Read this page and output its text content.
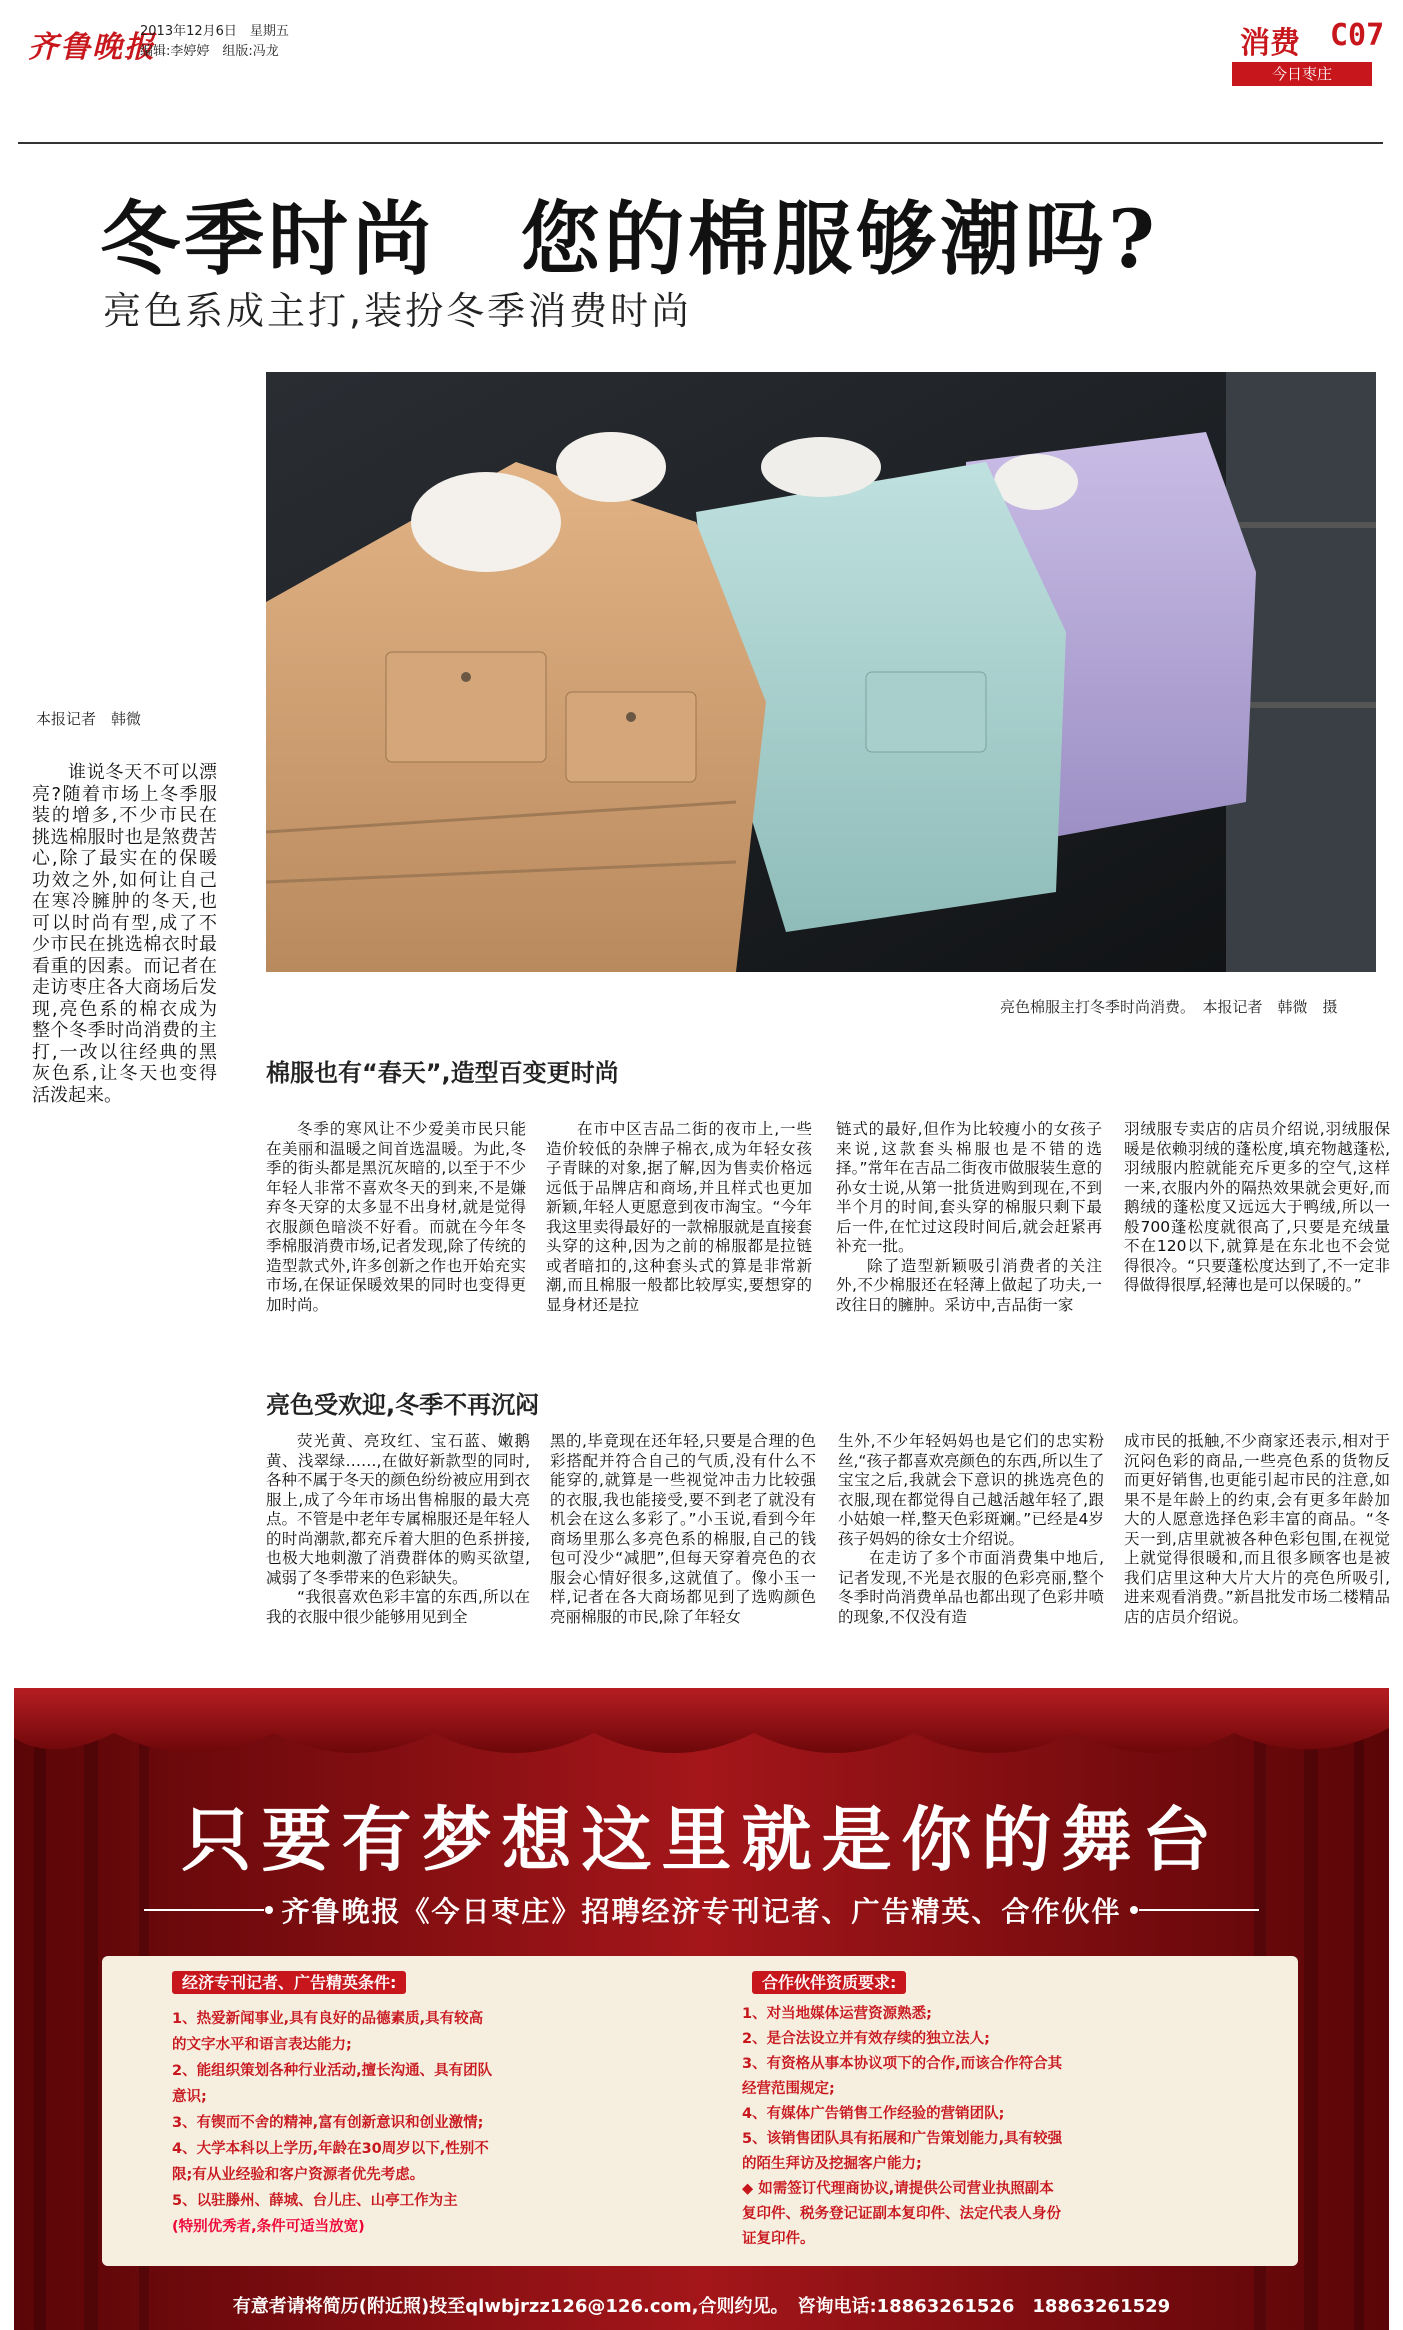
齐鲁晚报
2013年12月6日　星期五
编辑:李婷婷　组版:冯龙	消费 C07
今日枣庄
冬季时尚　您的棉服够潮吗?
亮色系成主打,装扮冬季消费时尚
亮色棉服主打冬季时尚消费。　本报记者　韩微　摄
本报记者　韩微
谁说冬天不可以漂亮?随着市场上冬季服装的增多,不少市民在挑选棉服时也是煞费苦心,除了最实在的保暖功效之外,如何让自己在寒冷臃肿的冬天,也可以时尚有型,成了不少市民在挑选棉衣时最看重的因素。而记者在走访枣庄各大商场后发现,亮色系的棉衣成为整个冬季时尚消费的主打,一改以往经典的黑灰色系,让冬天也变得活泼起来。
棉服也有“春天”,造型百变更时尚

冬季的寒风让不少爱美市民只能在美丽和温暖之间首选温暖。为此,冬季的街头都是黑沉灰暗的,以至于不少年轻人非常不喜欢冬天的到来,不是嫌弃冬天穿的太多显不出身材,就是觉得衣服颜色暗淡不好看。而就在今年冬季棉服消费市场,记者发现,除了传统的造型款式外,许多创新之作也开始充实市场,在保证保暖效果的同时也变得更加时尚。

在市中区吉品二街的夜市上,一些造价较低的杂牌子棉衣,成为年轻女孩子青睐的对象,据了解,因为售卖价格远远低于品牌店和商场,并且样式也更加新颖,年轻人更愿意到夜市淘宝。“今年我这里卖得最好的一款棉服就是直接套头穿的这种,因为之前的棉服都是拉链或者暗扣的,这种套头式的算是非常新潮,而且棉服一般都比较厚实,要想穿的显身材还是拉

链式的最好,但作为比较瘦小的女孩子来说,这款套头棉服也是不错的选择。”常年在吉品二街夜市做服装生意的孙女士说,从第一批货进购到现在,不到半个月的时间,套头穿的棉服只剩下最后一件,在忙过这段时间后,就会赶紧再补充一批。

除了造型新颖吸引消费者的关注外,不少棉服还在轻薄上做起了功夫,一改往日的臃肿。采访中,吉品街一家

羽绒服专卖店的店员介绍说,羽绒服保暖是依赖羽绒的蓬松度,填充物越蓬松,羽绒服内腔就能充斥更多的空气,这样一来,衣服内外的隔热效果就会更好,而鹅绒的蓬松度又远远大于鸭绒,所以一般700蓬松度就很高了,只要是充绒量不在120以下,就算是在东北也不会觉得很冷。“只要蓬松度达到了,不一定非得做得很厚,轻薄也是可以保暖的。”
亮色受欢迎,冬季不再沉闷

荧光黄、亮玫红、宝石蓝、嫩鹅黄、浅翠绿……,在做好新款型的同时,各种不属于冬天的颜色纷纷被应用到衣服上,成了今年市场出售棉服的最大亮点。不管是中老年专属棉服还是年轻人的时尚潮款,都充斥着大胆的色系拼接,也极大地刺激了消费群体的购买欲望,减弱了冬季带来的色彩缺失。

“我很喜欢色彩丰富的东西,所以在我的衣服中很少能够用见到全

黑的,毕竟现在还年轻,只要是合理的色彩搭配并符合自己的气质,没有什么不能穿的,就算是一些视觉冲击力比较强的衣服,我也能接受,要不到老了就没有机会在这么多彩了。”小玉说,看到今年商场里那么多亮色系的棉服,自己的钱包可没少“减肥”,但每天穿着亮色的衣服会心情好很多,这就值了。像小玉一样,记者在各大商场都见到了选购颜色亮丽棉服的市民,除了年轻女
生外,不少年轻妈妈也是它们的忠实粉丝,“孩子都喜欢亮颜色的东西,所以生了宝宝之后,我就会下意识的挑选亮色的衣服,现在都觉得自己越活越年轻了,跟小姑娘一样,整天色彩斑斓。”已经是4岁孩子妈妈的徐女士介绍说。

在走访了多个市面消费集中地后,记者发现,不光是衣服的色彩亮丽,整个冬季时尚消费单品也都出现了色彩井喷的现象,不仅没有造

成市民的抵触,不少商家还表示,相对于沉闷色彩的商品,一些亮色系的货物反而更好销售,也更能引起市民的注意,如果不是年龄上的约束,会有更多年龄加大的人愿意选择色彩丰富的商品。“冬天一到,店里就被各种色彩包围,在视觉上就觉得很暖和,而且很多顾客也是被我们店里这种大片大片的亮色所吸引,进来观看消费。”新昌批发市场二楼精品店的店员介绍说。
只要有梦想这里就是你的舞台
齐鲁晚报《今日枣庄》招聘经济专刊记者、广告精英、合作伙伴
经济专刊记者、广告精英条件:
1、热爱新闻事业,具有良好的品德素质,具有较高
的文字水平和语言表达能力;
2、能组织策划各种行业活动,擅长沟通、具有团队
意识;
3、有锲而不舍的精神,富有创新意识和创业激情;
4、大学本科以上学历,年龄在30周岁以下,性别不
限;有从业经验和客户资源者优先考虑。
5、以驻滕州、薛城、台儿庄、山亭工作为主
(特别优秀者,条件可适当放宽)
合作伙伴资质要求:
1、对当地媒体运营资源熟悉;
2、是合法设立并有效存续的独立法人;
3、有资格从事本协议项下的合作,而该合作符合其
经营范围规定;
4、有媒体广告销售工作经验的营销团队;
5、该销售团队具有拓展和广告策划能力,具有较强
的陌生拜访及挖掘客户能力;
◆ 如需签订代理商协议,请提供公司营业执照副本
复印件、税务登记证副本复印件、法定代表人身份
证复印件。
有意者请将简历(附近照)投至qlwbjrzz126@126.com,合则约见。　咨询电话:18863261526　18863261529
